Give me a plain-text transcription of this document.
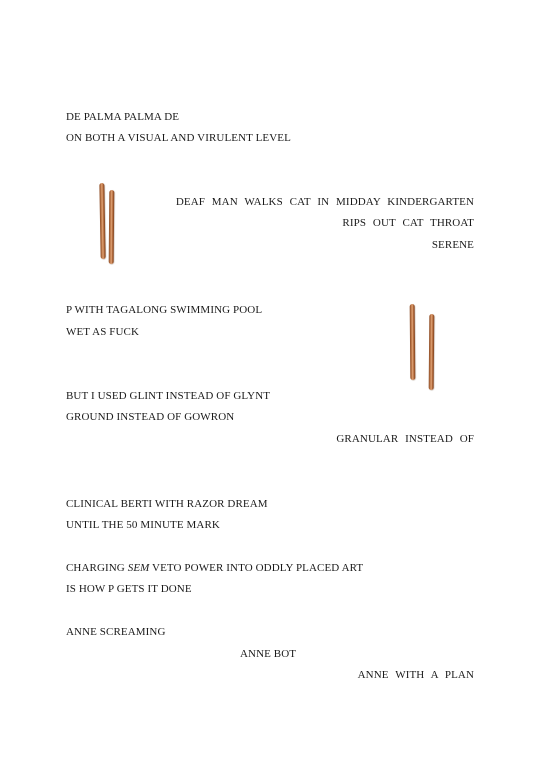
DE PALMA PALMA DE
ON BOTH A VISUAL AND VIRULENT LEVEL
DEAF MAN WALKS CAT IN MIDDAY KINDERGARTEN
RIPS OUT CAT THROAT
SERENE
P WITH TAGALONG SWIMMING POOL
WET AS FUCK
BUT I USED GLINT INSTEAD OF GLYNT
GROUND INSTEAD OF GOWRON
GRANULAR INSTEAD OF
CLINICAL BERTI WITH RAZOR DREAM
UNTIL THE 50 MINUTE MARK
CHARGING SEM VETO POWER INTO ODDLY PLACED ART
IS HOW P GETS IT DONE
ANNE SCREAMING
ANNE BOT
ANNE WITH A PLAN
